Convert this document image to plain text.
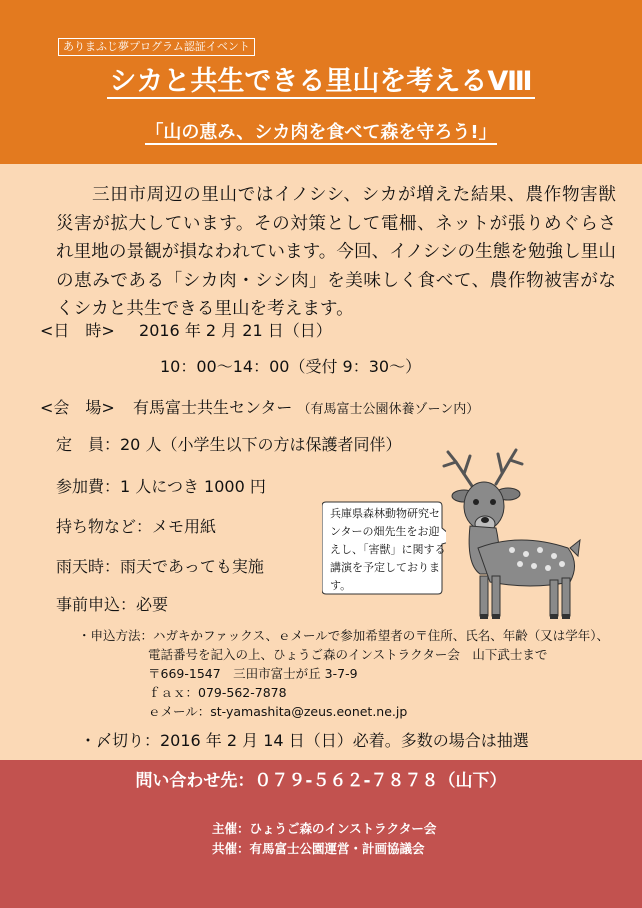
ありまふじ夢プログラム認証イベント
シカと共生できる里山を考えるⅧ
「山の恵み、シカ肉を食べて森を守ろう!」

三田市周辺の里山ではイノシシ、シカが増えた結果、農作物害獣災害が拡大しています。その対策として電柵、ネットが張りめぐらされ里地の景観が損なわれています。今回、イノシシの生態を勉強し里山の恵みである「シカ肉・シシ肉」を美味しく食べて、農作物被害がなくシカと共生できる里山を考えます。

<日　時> 2016 年 2 月 21 日（日）
10：00～14：00（受付 9：30～）
<会　場> 有馬富士共生センター （有馬富士公園休養ゾーン内）
定　員：20 人（小学生以下の方は保護者同伴）
参加費：1 人につき 1000 円
持ち物など：メモ用紙
雨天時：雨天であっても実施
事前申込：必要
兵庫県森林動物研究センターの畑先生をお迎えし、「害獣」に関する講演を予定しております。
・申込方法：ハガキかファックス、ｅメールで参加希望者の〒住所、氏名、年齢（又は学年）、
電話番号を記入の上、ひょうご森のインストラクター会　山下武士まで
〒669-1547　三田市富士が丘 3-7-9
ｆａｘ：079-562-7878
ｅメール：st-yamashita@zeus.eonet.ne.jp
・〆切り：2016 年 2 月 14 日（日）必着。多数の場合は抽選
問い合わせ先：０７９-５６２-７８７８（山下）
主催：ひょうご森のインストラクター会
共催：有馬富士公園運営・計画協議会
